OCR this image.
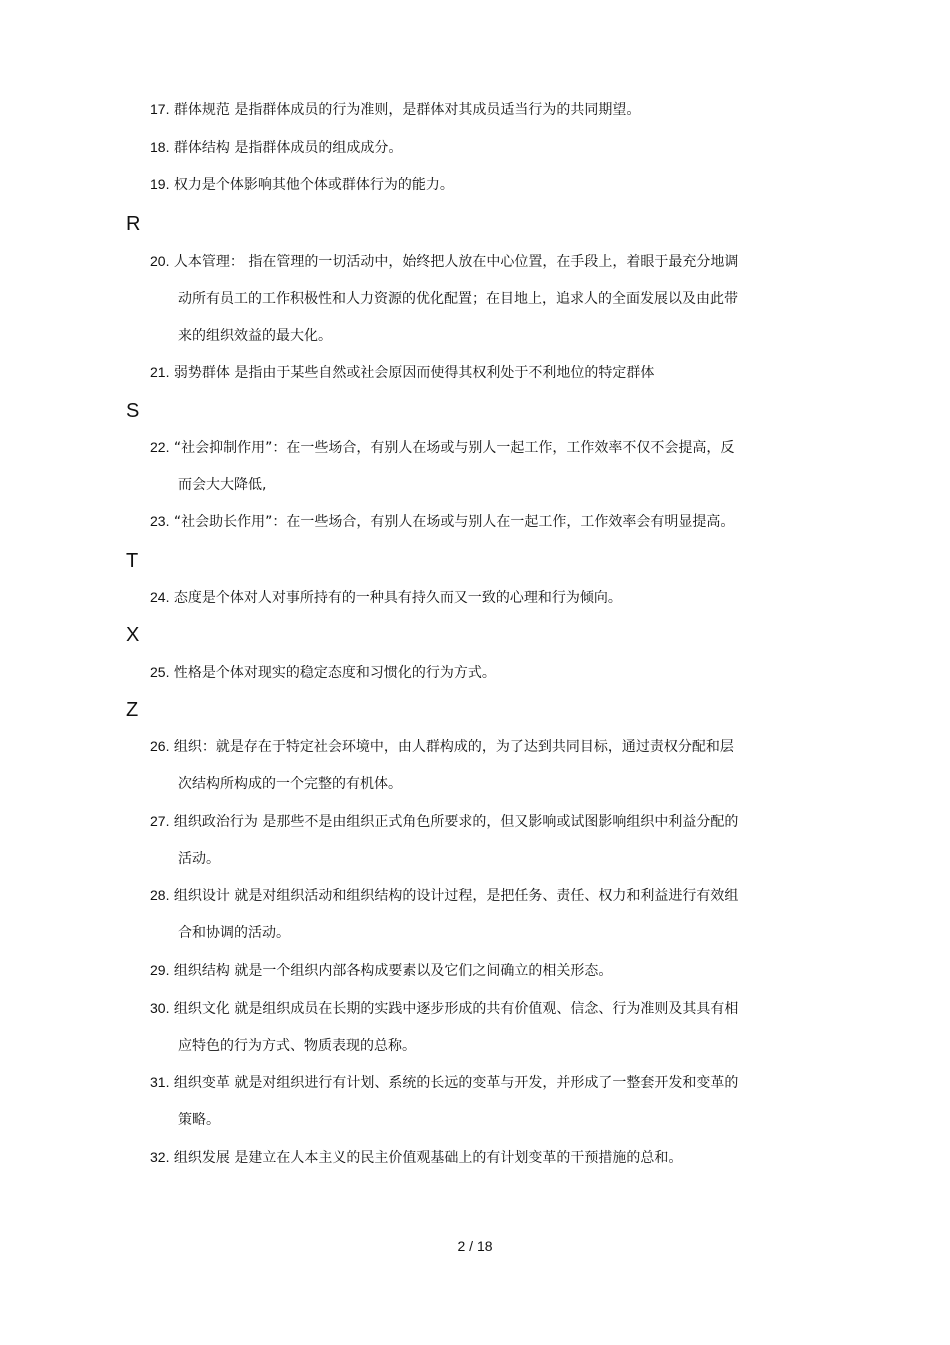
17. 群体规范 是指群体成员的行为准则，是群体对其成员适当行为的共同期望。
18. 群体结构 是指群体成员的组成成分。
19. 权力是个体影响其他个体或群体行为的能力。
R
20. 人本管理： 指在管理的一切活动中，始终把人放在中心位置，在手段上，着眼于最充分地调
动所有员工的工作积极性和人力资源的优化配置；在目地上，追求人的全面发展以及由此带
来的组织效益的最大化。
21. 弱势群体 是指由于某些自然或社会原因而使得其权利处于不利地位的特定群体
S
22. “社会抑制作用”：在一些场合，有别人在场或与别人一起工作，工作效率不仅不会提高，反
而会大大降低,
23. “社会助长作用”：在一些场合，有别人在场或与别人在一起工作，工作效率会有明显提高。
T
24. 态度是个体对人对事所持有的一种具有持久而又一致的心理和行为倾向。
X
25. 性格是个体对现实的稳定态度和习惯化的行为方式。
Z
26. 组织：就是存在于特定社会环境中，由人群构成的，为了达到共同目标，通过责权分配和层
次结构所构成的一个完整的有机体。
27. 组织政治行为 是那些不是由组织正式角色所要求的，但又影响或试图影响组织中利益分配的
活动。
28. 组织设计 就是对组织活动和组织结构的设计过程，是把任务、责任、权力和利益进行有效组
合和协调的活动。
29. 组织结构 就是一个组织内部各构成要素以及它们之间确立的相关形态。
30. 组织文化 就是组织成员在长期的实践中逐步形成的共有价值观、信念、行为准则及其具有相
应特色的行为方式、物质表现的总称。
31. 组织变革 就是对组织进行有计划、系统的长远的变革与开发，并形成了一整套开发和变革的
策略。
32. 组织发展 是建立在人本主义的民主价值观基础上的有计划变革的干预措施的总和。
2 / 18
